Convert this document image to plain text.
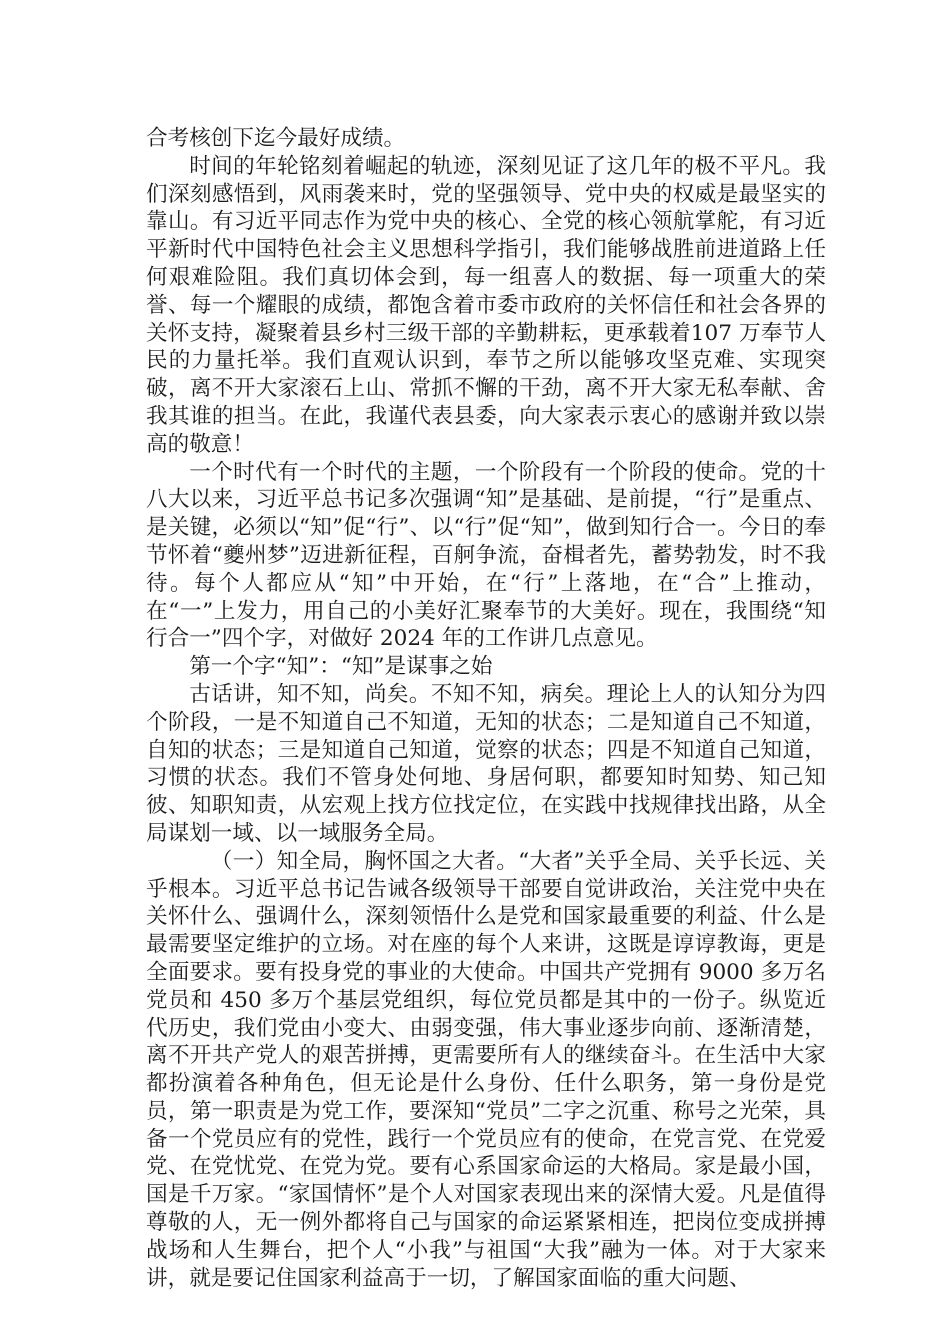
合考核创下迄今最好成绩。

时间的年轮铭刻着崛起的轨迹，深刻见证了这几年的极不平凡。我们深刻感悟到，风雨袭来时，党的坚强领导、党中央的权威是最坚实的靠山。有习近平同志作为党中央的核心、全党的核心领航掌舵，有习近平新时代中国特色社会主义思想科学指引，我们能够战胜前进道路上任何艰难险阻。我们真切体会到，每一组喜人的数据、每一项重大的荣誉、每一个耀眼的成绩，都饱含着市委市政府的关怀信任和社会各界的关怀支持，凝聚着县乡村三级干部的辛勤耕耘，更承载着107 万奉节人民的力量托举。我们直观认识到，奉节之所以能够攻坚克难、实现突破，离不开大家滚石上山、常抓不懈的干劲，离不开大家无私奉献、舍我其谁的担当。在此，我谨代表县委，向大家表示衷心的感谢并致以崇高的敬意！

一个时代有一个时代的主题，一个阶段有一个阶段的使命。党的十八大以来，习近平总书记多次强调“知”是基础、是前提，“行”是重点、是关键，必须以“知”促“行”、以“行”促“知”，做到知行合一。今日的奉节怀着“夔州梦”迈进新征程，百舸争流，奋楫者先，蓄势勃发，时不我待。每个人都应从“知”中开始，在“行”上落地，在“合”上推动，在“一”上发力，用自己的小美好汇聚奉节的大美好。现在，我围绕“知行合一”四个字，对做好 2024 年的工作讲几点意见。

第一个字“知”：“知”是谋事之始

古话讲，知不知，尚矣。不知不知，病矣。理论上人的认知分为四个阶段，一是不知道自己不知道，无知的状态；二是知道自己不知道，自知的状态；三是知道自己知道，觉察的状态；四是不知道自己知道，习惯的状态。我们不管身处何地、身居何职，都要知时知势、知己知彼、知职知责，从宏观上找方位找定位，在实践中找规律找出路，从全局谋划一域、以一域服务全局。

（一）知全局，胸怀国之大者。“大者”关乎全局、关乎长远、关乎根本。习近平总书记告诫各级领导干部要自觉讲政治，关注党中央在关怀什么、强调什么，深刻领悟什么是党和国家最重要的利益、什么是最需要坚定维护的立场。对在座的每个人来讲，这既是谆谆教诲，更是全面要求。要有投身党的事业的大使命。中国共产党拥有 9000 多万名党员和 450 多万个基层党组织，每位党员都是其中的一份子。纵览近代历史，我们党由小变大、由弱变强，伟大事业逐步向前、逐渐清楚，离不开共产党人的艰苦拼搏，更需要所有人的继续奋斗。在生活中大家都扮演着各种角色，但无论是什么身份、任什么职务，第一身份是党员，第一职责是为党工作，要深知“党员”二字之沉重、称号之光荣，具备一个党员应有的党性，践行一个党员应有的使命，在党言党、在党爱党、在党忧党、在党为党。要有心系国家命运的大格局。家是最小国，国是千万家。“家国情怀”是个人对国家表现出来的深情大爱。凡是值得尊敬的人，无一例外都将自己与国家的命运紧紧相连，把岗位变成拼搏战场和人生舞台，把个人“小我”与祖国“大我”融为一体。对于大家来讲，就是要记住国家利益高于一切，了解国家面临的重大问题、
